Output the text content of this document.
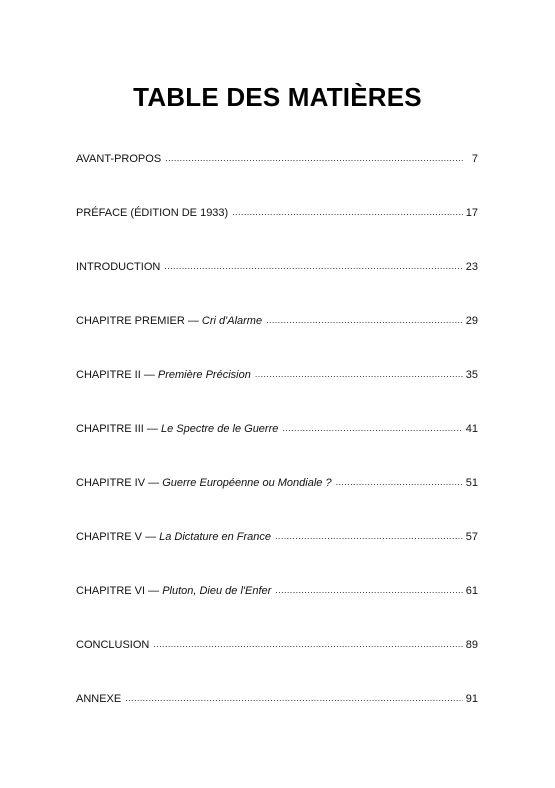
TABLE DES MATIÈRES
AVANT-PROPOS .....	7
PRÉFACE (ÉDITION DE 1933) .....	17
INTRODUCTION .....	23
CHAPITRE PREMIER — Cri d'Alarme .....	29
CHAPITRE II — Première Précision .....	35
CHAPITRE III — Le Spectre de le Guerre .....	41
CHAPITRE IV — Guerre Européenne ou Mondiale ? .....	51
CHAPITRE V — La Dictature en France .....	57
CHAPITRE VI — Pluton, Dieu de l'Enfer .....	61
CONCLUSION .....	89
ANNEXE .....	91
